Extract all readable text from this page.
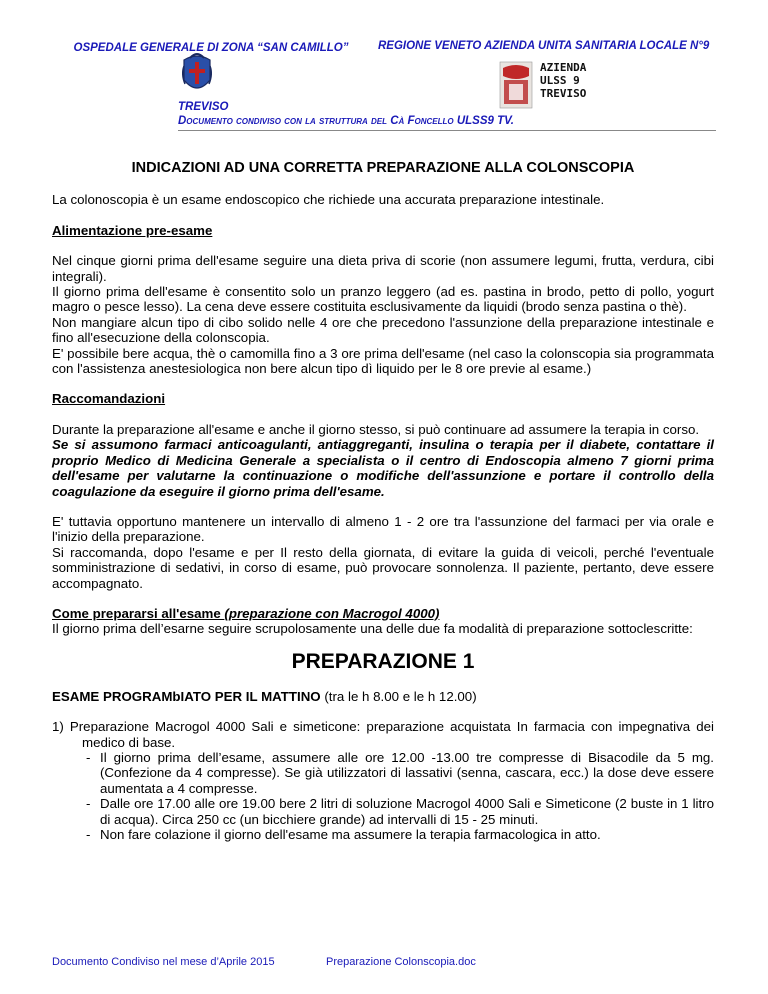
OSPEDALE GENERALE DI ZONA “SAN CAMILLO”	REGIONE VENETO AZIENDA UNITA SANITARIA LOCALE N°9
AZIENDA
ULSS 9
TREVISO
TREVISO
Documento condiviso con la struttura del Cà Foncello ULSS9 TV.

INDICAZIONI AD UNA CORRETTA PREPARAZIONE ALLA COLONSCOPIA

La colonoscopia è un esame endoscopico che richiede una accurata preparazione intestinale.

Alimentazione pre-esame

Nel cinque giorni prima dell'esame seguire una dieta priva di scorie (non assumere legumi, frutta, verdura, cibi integrali).

Il giorno prima dell'esame è consentito solo un pranzo leggero (ad es. pastina in brodo, petto di pollo, yogurt magro o pesce lesso). La cena deve essere costituita esclusivamente da liquidi (brodo senza pastina o thè).

Non mangiare alcun tipo di cibo solido nelle 4 ore che precedono l'assunzione della preparazione intestinale e fino all'esecuzione della colonscopia.

E' possibile bere acqua, thè o camomilla fino a 3 ore prima dell'esame (nel caso la colonscopia sia programmata con l'assistenza anestesiologica non bere alcun tipo dì liquido per le 8 ore previe al esame.)

Raccomandazioni

Durante la preparazione all'esame e anche il giorno stesso, si può continuare ad assumere la terapia in corso.

Se si assumono farmaci anticoagulanti, antiaggreganti, insulina o terapia per il diabete, contattare il proprio Medico di Medicina Generale a specialista o il centro di Endoscopia almeno 7 giorni prima dell'esame per valutarne la continuazione o modifiche dell'assunzione e portare il controllo della coagulazione da eseguire il giorno prima dell'esame.

E' tuttavia opportuno mantenere un intervallo di almeno 1 - 2 ore tra l'assunzione del farmaci per via orale e l'inizio della preparazione.

Si raccomanda, dopo l'esame e per Il resto della giornata, di evitare la guida di veicoli, perché l'eventuale somministrazione di sedativi, in corso di esame, può provocare sonnolenza. Il paziente, pertanto, deve essere accompagnato.

Come prepararsi all'esame (preparazione con Macrogol 4000)

Il giorno prima dell’esarne seguire scrupolosamente una delle due fa modalità di preparazione sottoclescritte:

PREPARAZIONE 1

ESAME PROGRAMbIATO PER IL MATTINO (tra le h 8.00 e le h 12.00)

1) Preparazione Macrogol 4000 Sali e simeticone: preparazione acquistata In farmacia con impegnativa dei medico di base.

- Il giorno prima dell’esame, assumere alle ore 12.00 -13.00 tre compresse di Bisacodile da 5 mg. (Confezione da 4 compresse). Se già utilizzatori di lassativi (senna, cascara, ecc.) la dose deve essere aumentata a 4 compresse.
- Dalle ore 17.00 alle ore 19.00 bere 2 litri di soluzione Macrogol 4000 Sali e Simeticone (2 buste in 1 litro di acqua). Circa 250 cc (un bicchiere grande) ad intervalli di 15 - 25 minuti.
- Non fare colazione il giorno dell'esame ma assumere la terapia farmacologica in atto.
Documento Condiviso nel mese d’Aprile 2015	Preparazione Colonscopia.doc
